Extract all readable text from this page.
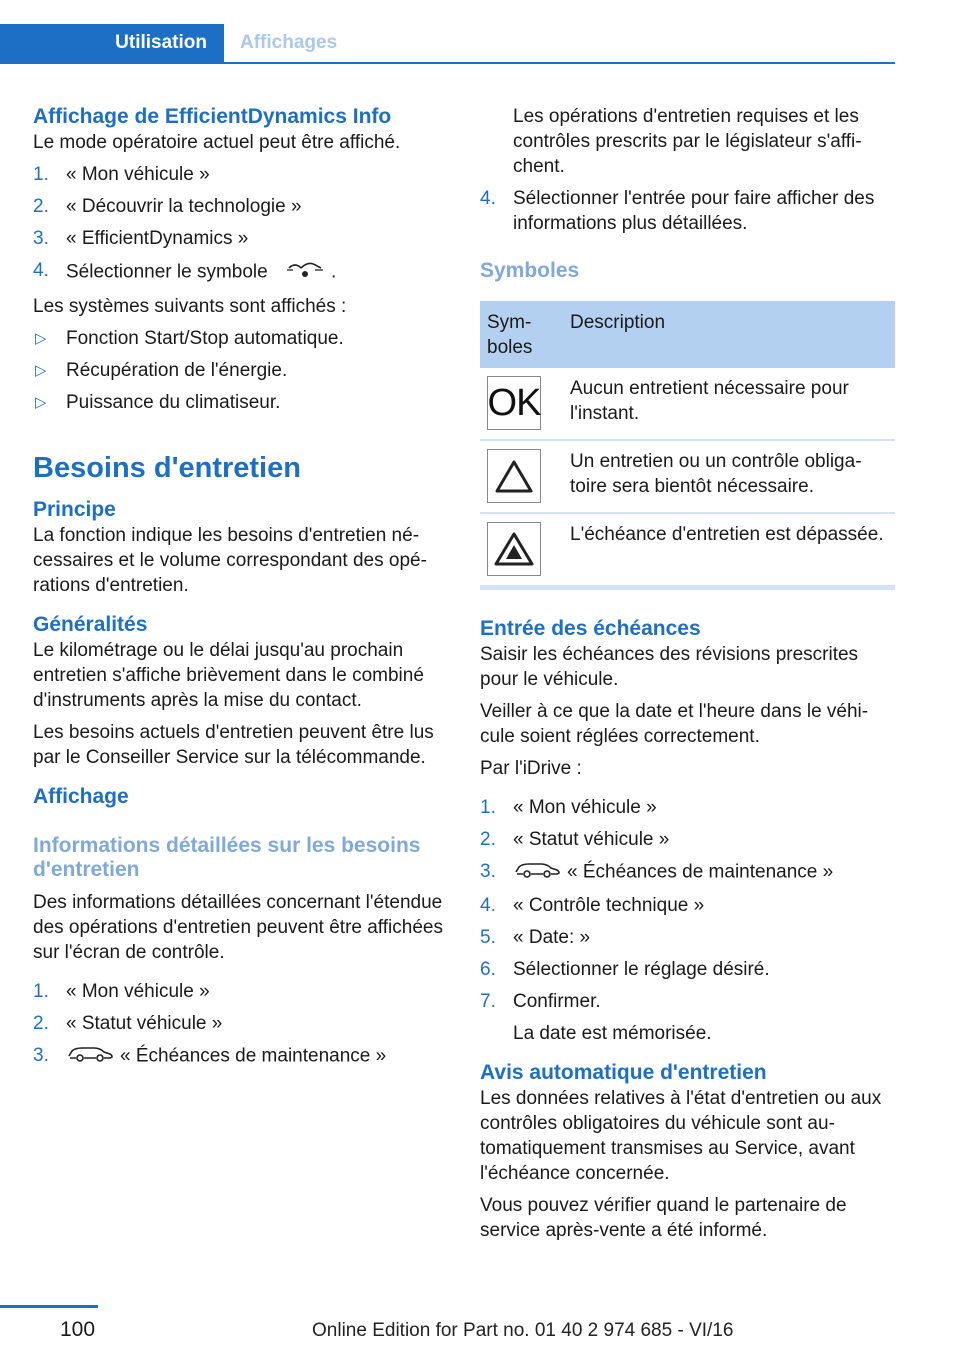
Utilisation	Affichages
Affichage de EfficientDynamics Info

Le mode opératoire actuel peut être affiché.

1. « Mon véhicule »
2. « Découvrir la technologie »
3. « EfficientDynamics »
4. Sélectionner le symbole	.

Les systèmes suivants sont affichés :

▷ Fonction Start/Stop automatique.
▷ Récupération de l'énergie.
▷ Puissance du climatiseur.
Besoins d'entretien
Principe

La fonction indique les besoins d'entretien nécessaires et le volume correspondant des opérations d'entretien.

Généralités

Le kilométrage ou le délai jusqu'au prochain entretien s'affiche brièvement dans le combiné d'instruments après la mise du contact.

Les besoins actuels d'entretien peuvent être lus par le Conseiller Service sur la télécommande.

Affichage
Informations détaillées sur les besoins d'entretien

Des informations détaillées concernant l'étendue des opérations d'entretien peuvent être affichées sur l'écran de contrôle.

1. « Mon véhicule »
2. « Statut véhicule »
3.	« Échéances de maintenance »

Les opérations d'entretien requises et les contrôles prescrits par le législateur s'affichent.

4. Sélectionner l'entrée pour faire afficher des informations plus détaillées.
Symboles
Symboles	Description

OK	Aucun entretient nécessaire pour l'instant.

	Un entretien ou un contrôle obligatoire sera bientôt nécessaire.

	L'échéance d'entretien est dépassée.
Entrée des échéances

Saisir les échéances des révisions prescrites pour le véhicule.

Veiller à ce que la date et l'heure dans le véhicule soient réglées correctement.

Par l'iDrive :

1. « Mon véhicule »
2. « Statut véhicule »
3.	« Échéances de maintenance »
4. « Contrôle technique »
5. « Date: »
6. Sélectionner le réglage désiré.
7. Confirmer.
La date est mémorisée.
Avis automatique d'entretien

Les données relatives à l'état d'entretien ou aux contrôles obligatoires du véhicule sont automatiquement transmises au Service, avant l'échéance concernée.

Vous pouvez vérifier quand le partenaire de service après-vente a été informé.

100	Online Edition for Part no. 01 40 2 974 685 - VI/16
